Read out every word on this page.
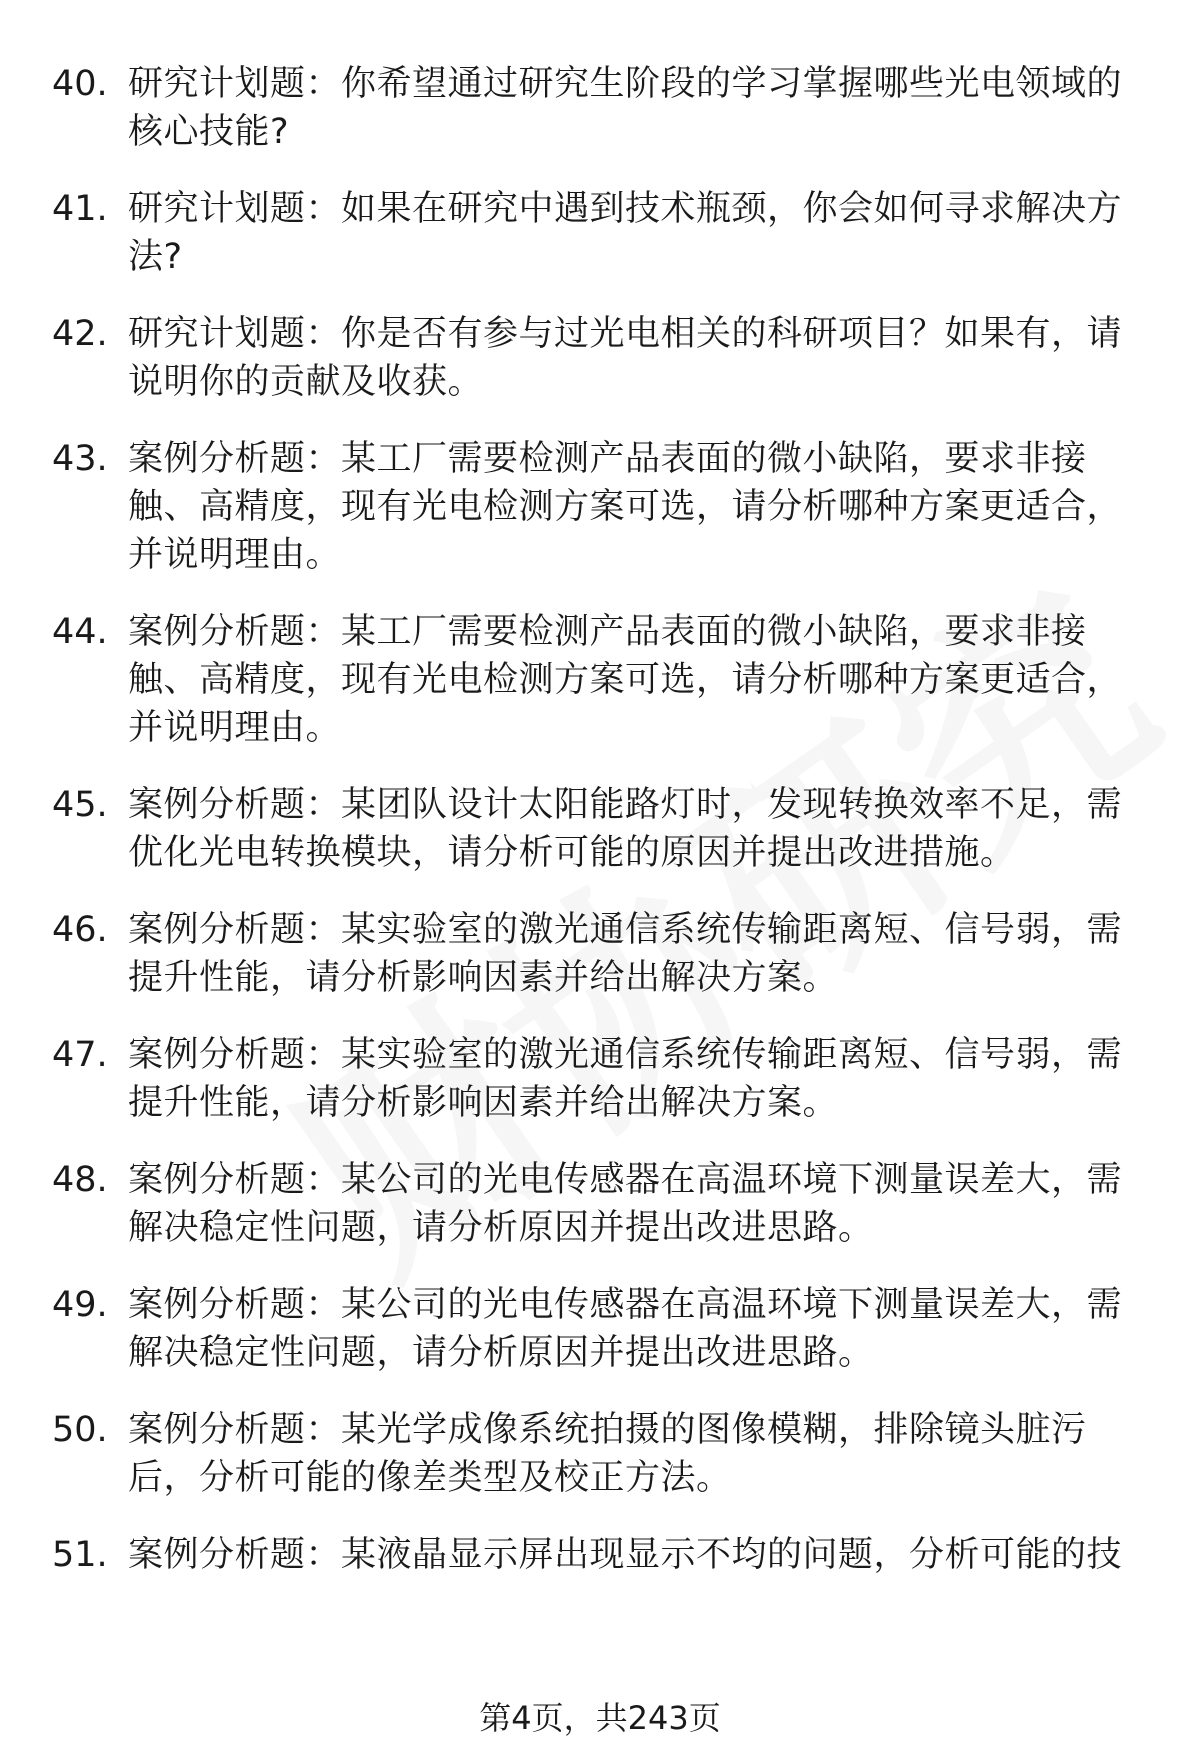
40. 研究计划题：你希望通过研究生阶段的学习掌握哪些光电领域的核心技能?
41. 研究计划题：如果在研究中遇到技术瓶颈，你会如何寻求解决方法?
42. 研究计划题：你是否有参与过光电相关的科研项目？如果有，请说明你的贡献及收获。
43. 案例分析题：某工厂需要检测产品表面的微小缺陷，要求非接触、高精度，现有光电检测方案可选，请分析哪种方案更适合，并说明理由。
44. 案例分析题：某工厂需要检测产品表面的微小缺陷，要求非接触、高精度，现有光电检测方案可选，请分析哪种方案更适合，并说明理由。
45. 案例分析题：某团队设计太阳能路灯时，发现转换效率不足，需优化光电转换模块，请分析可能的原因并提出改进措施。
46. 案例分析题：某实验室的激光通信系统传输距离短、信号弱，需提升性能，请分析影响因素并给出解决方案。
47. 案例分析题：某实验室的激光通信系统传输距离短、信号弱，需提升性能，请分析影响因素并给出解决方案。
48. 案例分析题：某公司的光电传感器在高温环境下测量误差大，需解决稳定性问题，请分析原因并提出改进思路。
49. 案例分析题：某公司的光电传感器在高温环境下测量误差大，需解决稳定性问题，请分析原因并提出改进思路。
50. 案例分析题：某光学成像系统拍摄的图像模糊，排除镜头脏污后，分析可能的像差类型及校正方法。
51. 案例分析题：某液晶显示屏出现显示不均的问题，分析可能的技
第4页，共243页
